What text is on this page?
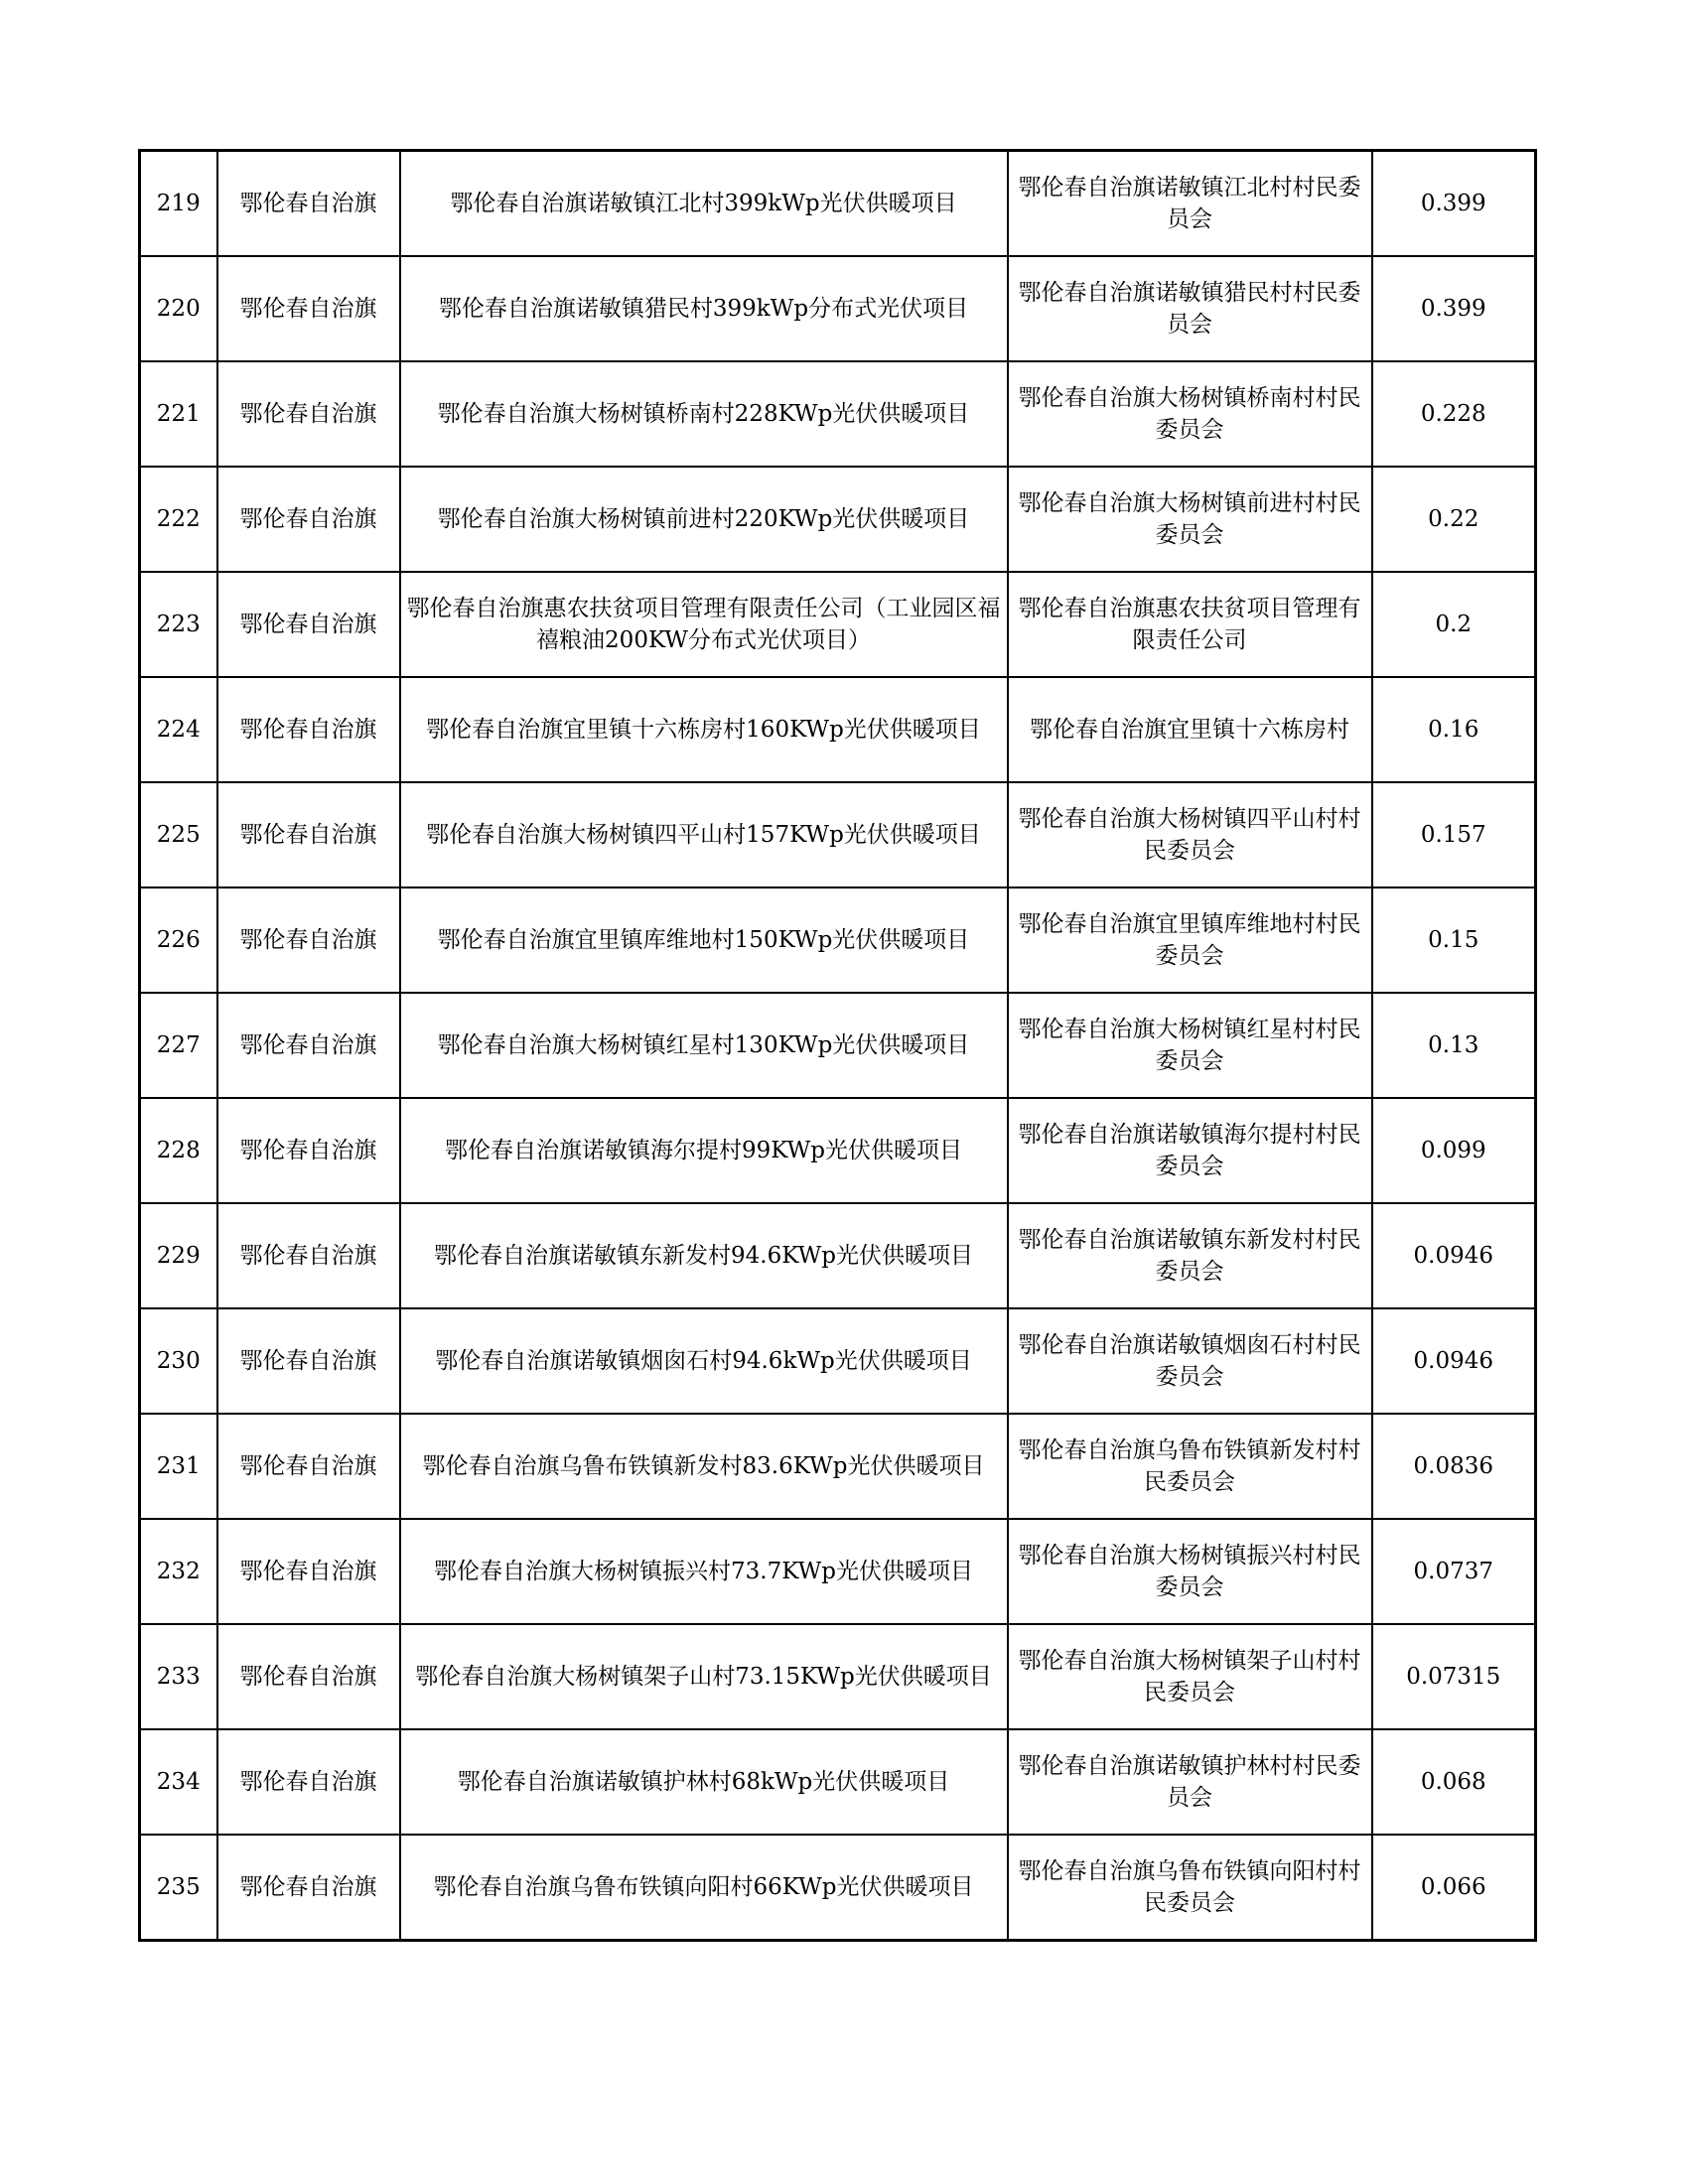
219	鄂伦春自治旗	鄂伦春自治旗诺敏镇江北村399kWp光伏供暖项目	鄂伦春自治旗诺敏镇江北村村民委员会	0.399
220	鄂伦春自治旗	鄂伦春自治旗诺敏镇猎民村399kWp分布式光伏项目	鄂伦春自治旗诺敏镇猎民村村民委员会	0.399
221	鄂伦春自治旗	鄂伦春自治旗大杨树镇桥南村228KWp光伏供暖项目	鄂伦春自治旗大杨树镇桥南村村民委员会	0.228
222	鄂伦春自治旗	鄂伦春自治旗大杨树镇前进村220KWp光伏供暖项目	鄂伦春自治旗大杨树镇前进村村民委员会	0.22
223	鄂伦春自治旗	鄂伦春自治旗惠农扶贫项目管理有限责任公司（工业园区福禧粮油200KW分布式光伏项目）	鄂伦春自治旗惠农扶贫项目管理有限责任公司	0.2
224	鄂伦春自治旗	鄂伦春自治旗宜里镇十六栋房村160KWp光伏供暖项目	鄂伦春自治旗宜里镇十六栋房村	0.16
225	鄂伦春自治旗	鄂伦春自治旗大杨树镇四平山村157KWp光伏供暖项目	鄂伦春自治旗大杨树镇四平山村村民委员会	0.157
226	鄂伦春自治旗	鄂伦春自治旗宜里镇库维地村150KWp光伏供暖项目	鄂伦春自治旗宜里镇库维地村村民委员会	0.15
227	鄂伦春自治旗	鄂伦春自治旗大杨树镇红星村130KWp光伏供暖项目	鄂伦春自治旗大杨树镇红星村村民委员会	0.13
228	鄂伦春自治旗	鄂伦春自治旗诺敏镇海尔提村99KWp光伏供暖项目	鄂伦春自治旗诺敏镇海尔提村村民委员会	0.099
229	鄂伦春自治旗	鄂伦春自治旗诺敏镇东新发村94.6KWp光伏供暖项目	鄂伦春自治旗诺敏镇东新发村村民委员会	0.0946
230	鄂伦春自治旗	鄂伦春自治旗诺敏镇烟囱石村94.6kWp光伏供暖项目	鄂伦春自治旗诺敏镇烟囱石村村民委员会	0.0946
231	鄂伦春自治旗	鄂伦春自治旗乌鲁布铁镇新发村83.6KWp光伏供暖项目	鄂伦春自治旗乌鲁布铁镇新发村村民委员会	0.0836
232	鄂伦春自治旗	鄂伦春自治旗大杨树镇振兴村73.7KWp光伏供暖项目	鄂伦春自治旗大杨树镇振兴村村民委员会	0.0737
233	鄂伦春自治旗	鄂伦春自治旗大杨树镇架子山村73.15KWp光伏供暖项目	鄂伦春自治旗大杨树镇架子山村村民委员会	0.07315
234	鄂伦春自治旗	鄂伦春自治旗诺敏镇护林村68kWp光伏供暖项目	鄂伦春自治旗诺敏镇护林村村民委员会	0.068
235	鄂伦春自治旗	鄂伦春自治旗乌鲁布铁镇向阳村66KWp光伏供暖项目	鄂伦春自治旗乌鲁布铁镇向阳村村民委员会	0.066
